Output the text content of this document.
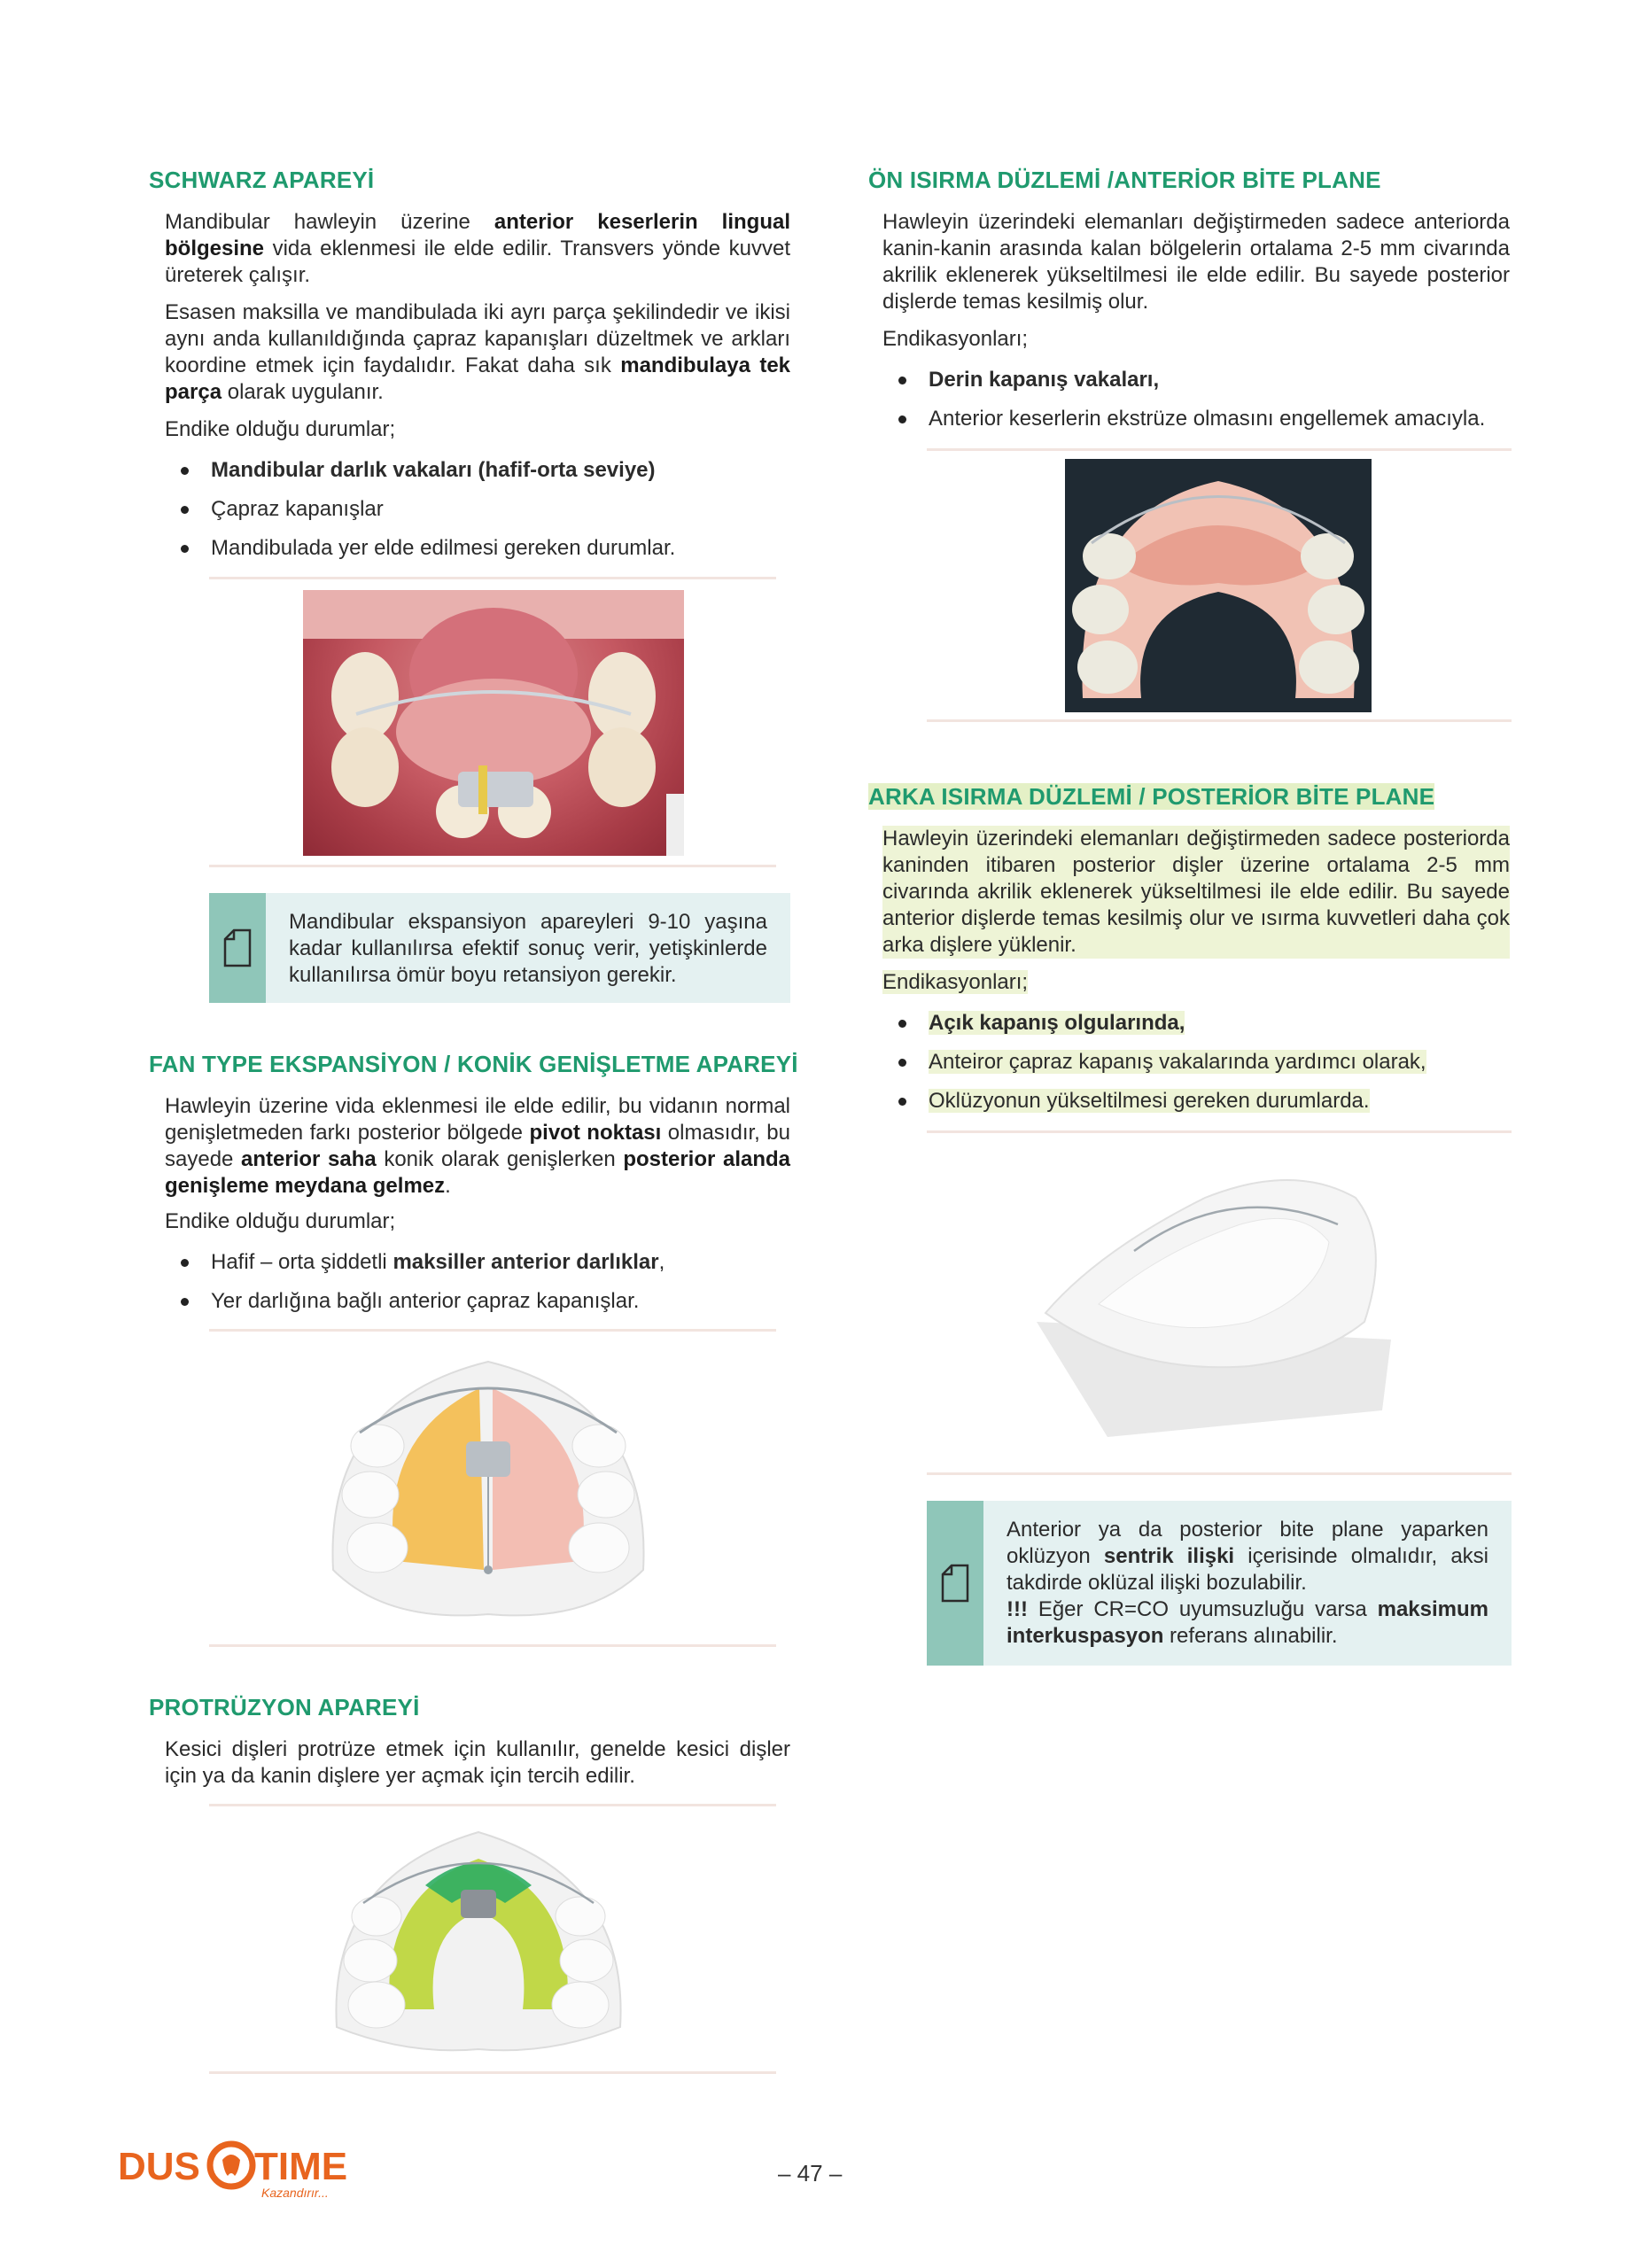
SCHWARZ APAREYİ

Mandibular hawleyin üzerine anterior keserlerin lingual bölgesine vida eklenmesi ile elde edilir. Transvers yönde kuvvet üreterek çalışır.

Esasen maksilla ve mandibulada iki ayrı parça şekilindedir ve ikisi aynı anda kullanıldığında çapraz kapanışları düzeltmek ve arkları koordine etmek için faydalıdır. Fakat daha sık mandibulaya tek parça olarak uygulanır.

Endike olduğu durumlar;

Mandibular darlık vakaları (hafif-orta seviye)
Çapraz kapanışlar
Mandibulada yer elde edilmesi gereken durumlar.
Mandibular ekspansiyon apareyleri 9-10 yaşına kadar kullanılırsa efektif sonuç verir, yetişkinlerde kullanılırsa ömür boyu retansiyon gerekir.
FAN TYPE EKSPANSİYON / KONİK GENİŞLETME APAREYİ

Hawleyin üzerine vida eklenmesi ile elde edilir, bu vidanın normal genişletmeden farkı posterior bölgede pivot noktası olmasıdır, bu sayede anterior saha konik olarak genişlerken posterior alanda genişleme meydana gelmez.

Endike olduğu durumlar;

Hafif – orta şiddetli maksiller anterior darlıklar,
Yer darlığına bağlı anterior çapraz kapanışlar.
PROTRÜZYON APAREYİ

Kesici dişleri protrüze etmek için kullanılır, genelde kesici dişler için ya da kanin dişlere yer açmak için tercih edilir.

ÖN ISIRMA DÜZLEMİ /ANTERİOR BİTE PLANE

Hawleyin üzerindeki elemanları değiştirmeden sadece anteriorda kanin-kanin arasında kalan bölgelerin ortalama 2-5 mm civarında akrilik eklenerek yükseltilmesi ile elde edilir. Bu sayede posterior dişlerde temas kesilmiş olur.

Endikasyonları;

Derin kapanış vakaları,
Anterior keserlerin ekstrüze olmasını engellemek amacıyla.
ARKA ISIRMA DÜZLEMİ / POSTERİOR BİTE PLANE

Hawleyin üzerindeki elemanları değiştirmeden sadece posteriorda kaninden itibaren posterior dişler üzerine ortalama 2-5 mm civarında akrilik eklenerek yükseltilmesi ile elde edilir. Bu sayede anterior dişlerde temas kesilmiş olur ve ısırma kuvvetleri daha çok arka dişlere yüklenir.

Endikasyonları;

Açık kapanış olgularında,
Anteiror çapraz kapanış vakalarında yardımcı olarak,
Oklüzyonun yükseltilmesi gereken durumlarda.
Anterior ya da posterior bite plane yaparken oklüzyon sentrik ilişki içerisinde olmalıdır, aksi takdirde oklüzal ilişki bozulabilir.
!!! Eğer CR=CO uyumsuzluğu varsa maksimum interkuspasyon referans alınabilir.
DUS TIME
Kazandırır...
– 47 –
